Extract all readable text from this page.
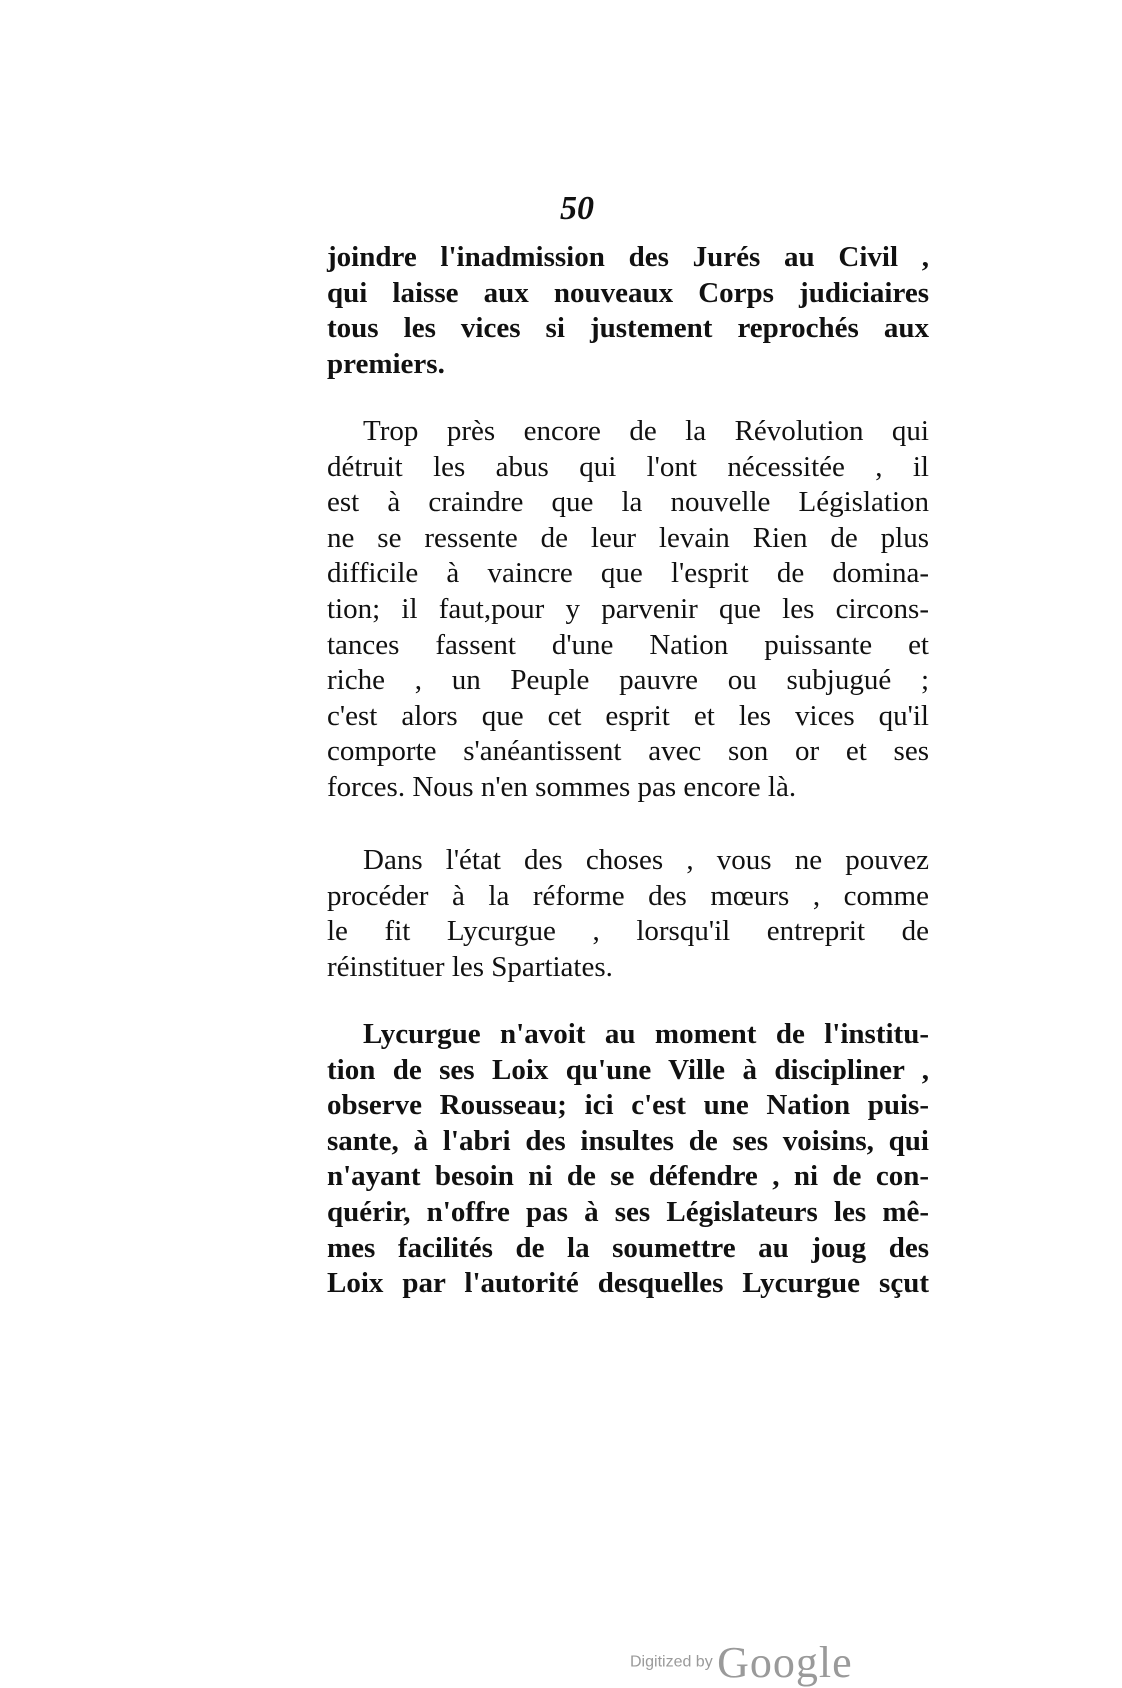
50
joindre l'inadmission des Jurés au Civil ,
qui laisse aux nouveaux Corps judiciaires
tous les vices si justement reprochés aux
premiers.
Trop près encore de la Révolution qui
détruit les abus qui l'ont nécessitée , il
est à craindre que la nouvelle Législation
ne se ressente de leur levain Rien de plus
difficile à vaincre que l'esprit de domina-
tion; il faut,pour y parvenir que les circons-
tances fassent d'une Nation puissante et
riche , un Peuple pauvre ou subjugué ;
c'est alors que cet esprit et les vices qu'il
comporte s'anéantissent avec son or et ses
forces. Nous n'en sommes pas encore là.
Dans l'état des choses , vous ne pouvez
procéder à la réforme des mœurs , comme
le fit Lycurgue , lorsqu'il entreprit de
réinstituer les Spartiates.
Lycurgue n'avoit au moment de l'institu-
tion de ses Loix qu'une Ville à discipliner ,
observe Rousseau; ici c'est une Nation puis-
sante, à l'abri des insultes de ses voisins, qui
n'ayant besoin ni de se défendre , ni de con-
quérir, n'offre pas à ses Législateurs les mê-
mes facilités de la soumettre au joug des
Loix par l'autorité desquelles Lycurgue sçut
Digitized by Google
